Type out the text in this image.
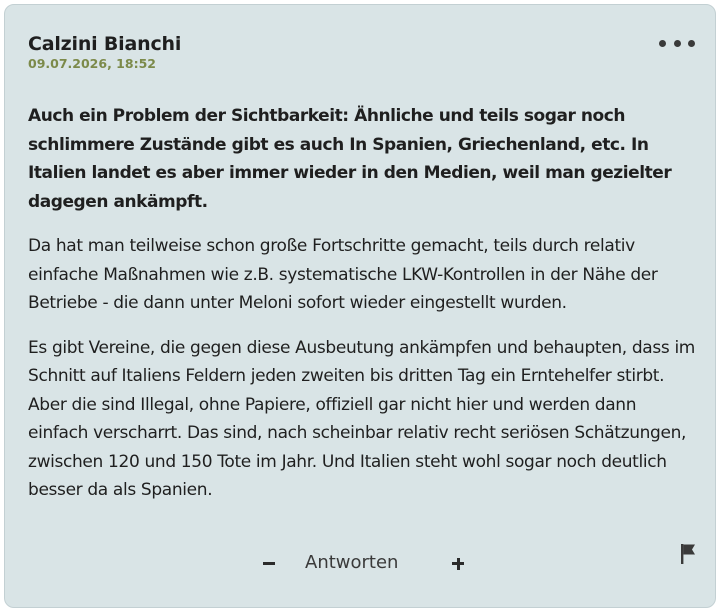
Calzini Bianchi
09.07.2026, 18:52

Auch ein Problem der Sichtbarkeit: Ähnliche und teils sogar noch schlimmere Zustände gibt es auch In Spanien, Griechenland, etc. In Italien landet es aber immer wieder in den Medien, weil man gezielter dagegen ankämpft.

Da hat man teilweise schon große Fortschritte gemacht, teils durch relativ einfache Maßnahmen wie z.B. systematische LKW-Kontrollen in der Nähe der Betriebe - die dann unter Meloni sofort wieder eingestellt wurden.

Es gibt Vereine, die gegen diese Ausbeutung ankämpfen und behaupten, dass im Schnitt auf Italiens Feldern jeden zweiten bis dritten Tag ein Erntehelfer stirbt. Aber die sind Illegal, ohne Papiere, offiziell gar nicht hier und werden dann einfach verscharrt. Das sind, nach scheinbar relativ recht seriösen Schätzungen, zwischen 120 und 150 Tote im Jahr. Und Italien steht wohl sogar noch deutlich besser da als Spanien.

Antworten
